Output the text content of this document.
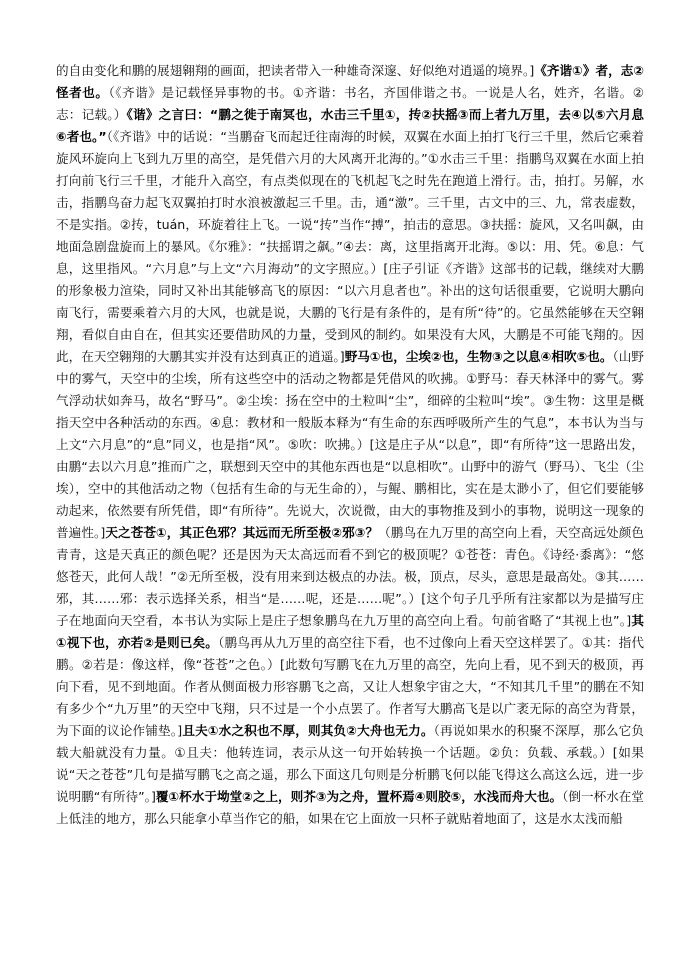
的自由变化和鹏的展翅翱翔的画面，把读者带入一种雄奇深邃、好似绝对逍遥的境界。]《齐谐①》者，志②怪者也。（《齐谐》是记载怪异事物的书。①齐谐：书名，齐国俳谐之书。一说是人名，姓齐，名谐。②志：记载。）《谐》之言曰：“鹏之徙于南冥也，水击三千里①，抟②扶摇③而上者九万里，去④以⑤六月息⑥者也。”（《齐谐》中的话说：“当鹏奋飞而起迁往南海的时候，双翼在水面上拍打飞行三千里，然后它乘着旋风环旋向上飞到九万里的高空，是凭借六月的大风离开北海的。”①水击三千里：指鹏鸟双翼在水面上拍打向前飞行三千里，才能升入高空，有点类似现在的飞机起飞之时先在跑道上滑行。击，拍打。另解，水击，指鹏鸟奋力起飞双翼拍打时水浪被激起三千里。击，通“激”。三千里，古文中的三、九，常表虚数，不是实指。②抟，tuán，环旋着往上飞。一说“抟”当作“搏”，拍击的意思。③扶摇：旋风，又名叫飙，由地面急剧盘旋而上的暴风。《尔雅》：“扶摇谓之飙。”④去：离，这里指离开北海。⑤以：用、凭。⑥息：气息，这里指风。“六月息”与上文“六月海动”的文字照应。）[庄子引证《齐谐》这部书的记载，继续对大鹏的形象极力渲染，同时又补出其能够高飞的原因：“以六月息者也”。补出的这句话很重要，它说明大鹏向南飞行，需要乘着六月的大风，也就是说，大鹏的飞行是有条件的，是有所“待”的。它虽然能够在天空翱翔，看似自由自在，但其实还要借助风的力量，受到风的制约。如果没有大风，大鹏是不可能飞翔的。因此，在天空翱翔的大鹏其实并没有达到真正的逍遥。]野马①也，尘埃②也，生物③之以息④相吹⑤也。（山野中的雾气，天空中的尘埃，所有这些空中的活动之物都是凭借风的吹拂。①野马：春天林泽中的雾气。雾气浮动状如奔马，故名“野马”。②尘埃：扬在空中的土粒叫“尘”，细碎的尘粒叫“埃”。③生物：这里是概指天空中各种活动的东西。④息：教材和一般版本释为“有生命的东西呼吸所产生的气息”，本书认为当与上文“六月息”的“息”同义，也是指“风”。⑤吹：吹拂。）[这是庄子从“以息”，即“有所待”这一思路出发，由鹏“去以六月息”推而广之，联想到天空中的其他东西也是“以息相吹”。山野中的游气（野马）、飞尘（尘埃），空中的其他活动之物（包括有生命的与无生命的），与鲲、鹏相比，实在是太渺小了，但它们要能够动起来，依然要有所凭借，即“有所待”。先说大，次说微，由大的事物推及到小的事物，说明这一现象的普遍性。]天之苍苍①，其正色邪？其远而无所至极②邪③？（鹏鸟在九万里的高空向上看，天空高远处颜色青青，这是天真正的颜色呢？还是因为天太高远而看不到它的极顶呢？①苍苍：青色。《诗经·黍离》：“悠悠苍天，此何人哉！”②无所至极，没有用来到达极点的办法。极，顶点，尽头，意思是最高处。③其……邪，其……邪：表示选择关系，相当“是……呢，还是……呢”。）[这个句子几乎所有注家都以为是描写庄子在地面向天空看，本书认为实际上是庄子想象鹏鸟在九万里的高空向上看。句前省略了“其视上也”。]其①视下也，亦若②是则已矣。（鹏鸟再从九万里的高空往下看，也不过像向上看天空这样罢了。①其：指代鹏。②若是：像这样，像“苍苍”之色。）[此数句写鹏飞在九万里的高空，先向上看，见不到天的极顶，再向下看，见不到地面。作者从侧面极力形容鹏飞之高，又让人想象宇宙之大，“不知其几千里”的鹏在不知有多少个“九万里”的天空中飞翔，只不过是一个小点罢了。作者写大鹏高飞是以广袤无际的高空为背景，为下面的议论作铺垫。]且夫①水之积也不厚，则其负②大舟也无力。（再说如果水的积聚不深厚，那么它负载大船就没有力量。①且夫：他转连词，表示从这一句开始转换一个话题。②负：负载、承载。）[如果说“天之苍苍”几句是描写鹏飞之高之遥，那么下面这几句则是分析鹏飞何以能飞得这么高这么远，进一步说明鹏“有所待”。]覆①杯水于坳堂②之上，则芥③为之舟，置杯焉④则胶⑤，水浅而舟大也。（倒一杯水在堂上低洼的地方，那么只能拿小草当作它的船，如果在它上面放一只杯子就贴着地面了，这是水太浅而船
